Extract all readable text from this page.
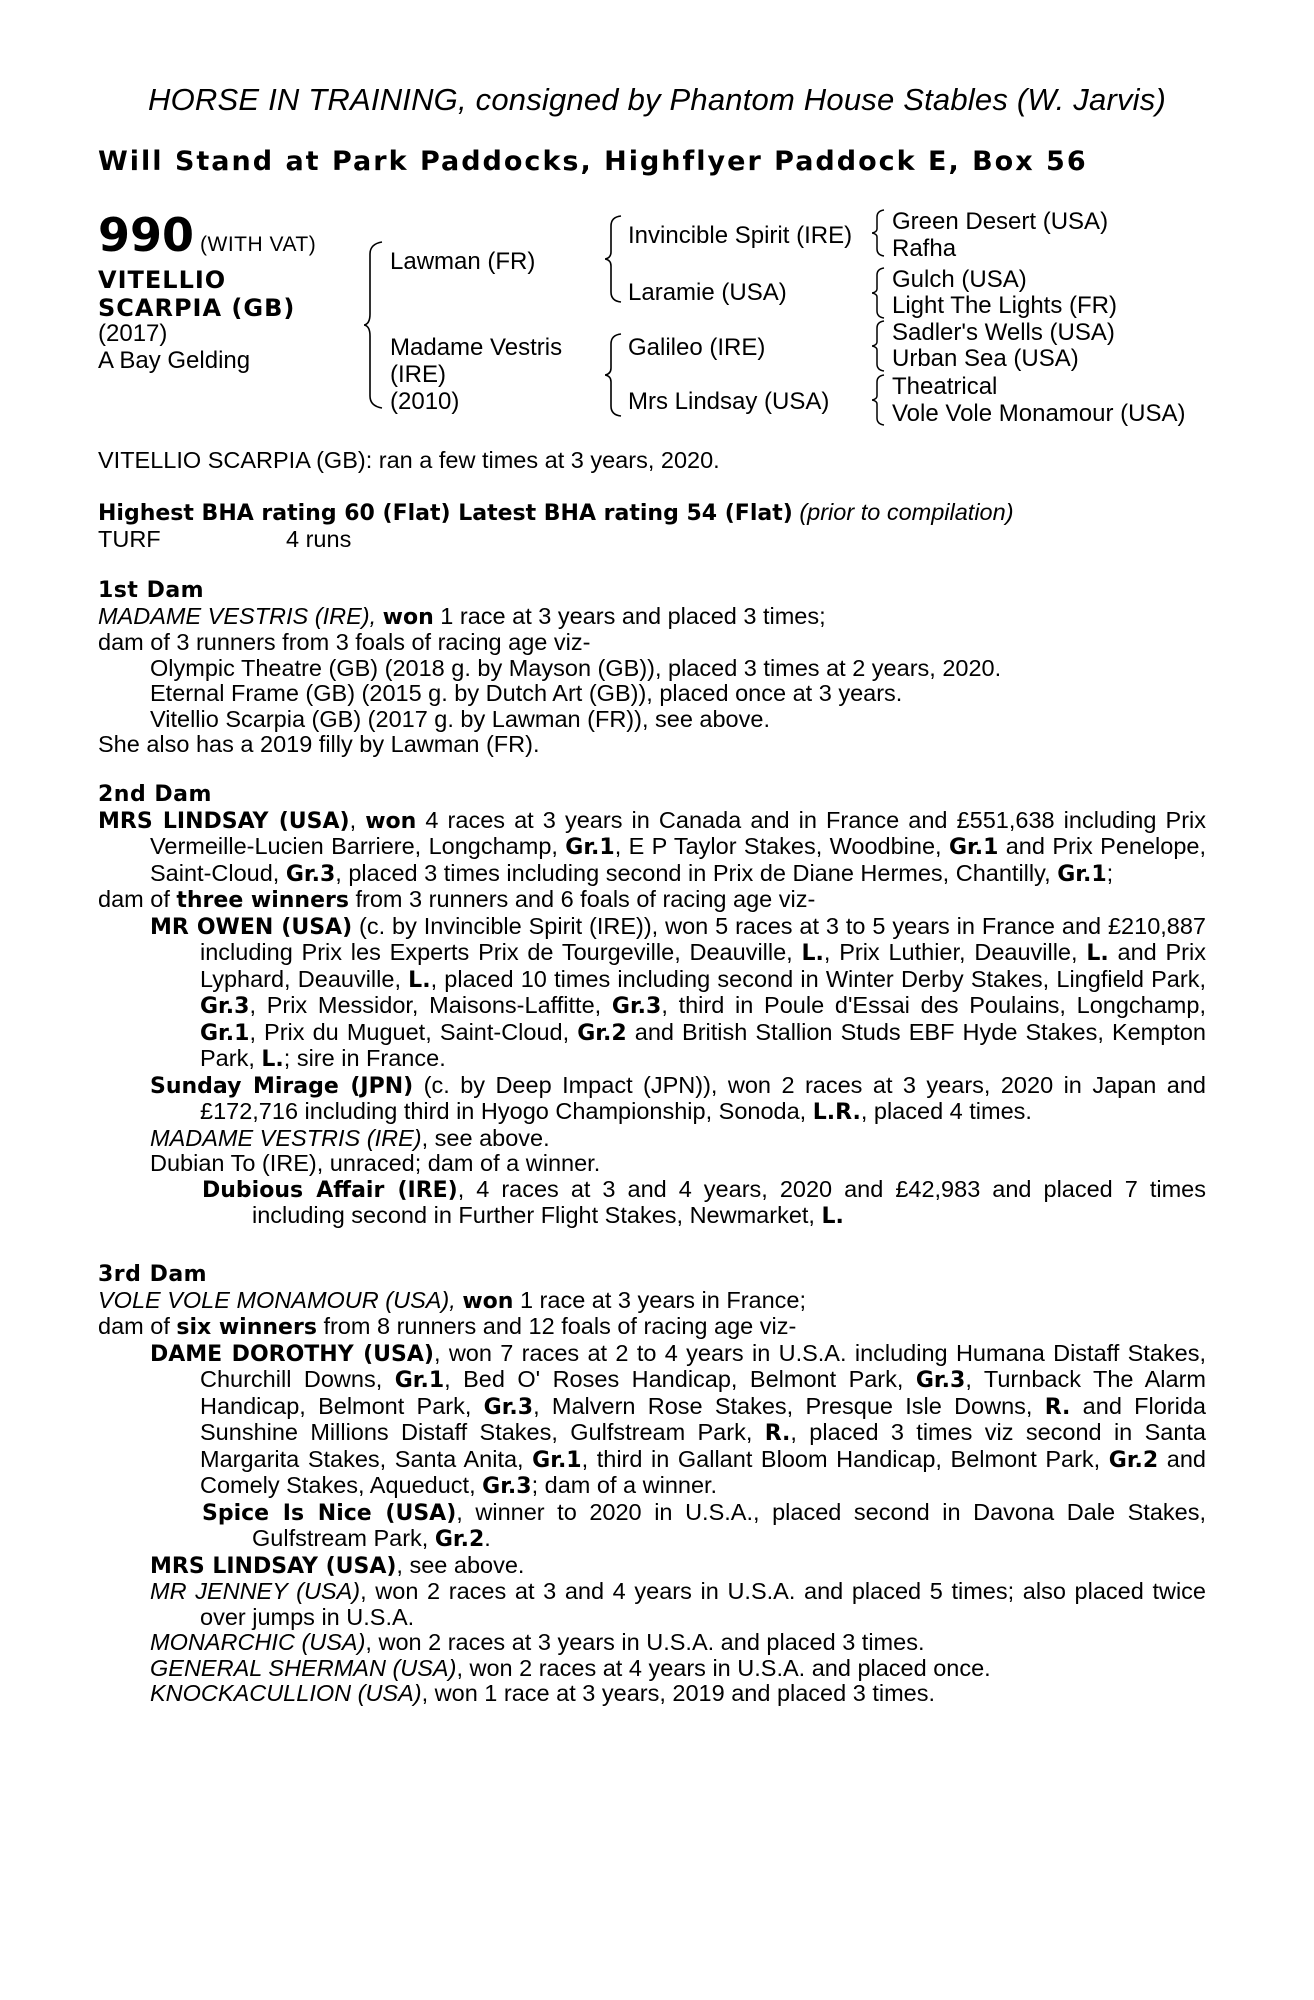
HORSE IN TRAINING, consigned by Phantom House Stables (W. Jarvis)
Will Stand at Park Paddocks, Highflyer Paddock E, Box 56
990 (WITH VAT)
VITELLIO
SCARPIA (GB)
(2017)
A Bay Gelding
Lawman (FR)
Madame Vestris
(IRE)
(2010)
Invincible Spirit (IRE)
Laramie (USA)
Galileo (IRE)
Mrs Lindsay (USA)
Green Desert (USA)
Rafha
Gulch (USA)
Light The Lights (FR)
Sadler's Wells (USA)
Urban Sea (USA)
Theatrical
Vole Vole Monamour (USA)
VITELLIO SCARPIA (GB): ran a few times at 3 years, 2020.
Highest BHA rating 60 (Flat) Latest BHA rating 54 (Flat) (prior to compilation)
TURF	4 runs
1st Dam
MADAME VESTRIS (IRE), won 1 race at 3 years and placed 3 times;
dam of 3 runners from 3 foals of racing age viz-
Olympic Theatre (GB) (2018 g. by Mayson (GB)), placed 3 times at 2 years, 2020.
Eternal Frame (GB) (2015 g. by Dutch Art (GB)), placed once at 3 years.
Vitellio Scarpia (GB) (2017 g. by Lawman (FR)), see above.
She also has a 2019 filly by Lawman (FR).
2nd Dam
MRS LINDSAY (USA), won 4 races at 3 years in Canada and in France and £551,638 including Prix Vermeille-Lucien Barriere, Longchamp, Gr.1, E P Taylor Stakes, Woodbine, Gr.1 and Prix Penelope, Saint-Cloud, Gr.3, placed 3 times including second in Prix de Diane Hermes, Chantilly, Gr.1;
dam of three winners from 3 runners and 6 foals of racing age viz-
MR OWEN (USA) (c. by Invincible Spirit (IRE)), won 5 races at 3 to 5 years in France and £210,887 including Prix les Experts Prix de Tourgeville, Deauville, L., Prix Luthier, Deauville, L. and Prix Lyphard, Deauville, L., placed 10 times including second in Winter Derby Stakes, Lingfield Park, Gr.3, Prix Messidor, Maisons-Laffitte, Gr.3, third in Poule d'Essai des Poulains, Longchamp, Gr.1, Prix du Muguet, Saint-Cloud, Gr.2 and British Stallion Studs EBF Hyde Stakes, Kempton Park, L.; sire in France.
Sunday Mirage (JPN) (c. by Deep Impact (JPN)), won 2 races at 3 years, 2020 in Japan and £172,716 including third in Hyogo Championship, Sonoda, L.R., placed 4 times.
MADAME VESTRIS (IRE), see above.
Dubian To (IRE), unraced; dam of a winner.
Dubious Affair (IRE), 4 races at 3 and 4 years, 2020 and £42,983 and placed 7 times including second in Further Flight Stakes, Newmarket, L.
3rd Dam
VOLE VOLE MONAMOUR (USA), won 1 race at 3 years in France;
dam of six winners from 8 runners and 12 foals of racing age viz-
DAME DOROTHY (USA), won 7 races at 2 to 4 years in U.S.A. including Humana Distaff Stakes, Churchill Downs, Gr.1, Bed O' Roses Handicap, Belmont Park, Gr.3, Turnback The Alarm Handicap, Belmont Park, Gr.3, Malvern Rose Stakes, Presque Isle Downs, R. and Florida Sunshine Millions Distaff Stakes, Gulfstream Park, R., placed 3 times viz second in Santa Margarita Stakes, Santa Anita, Gr.1, third in Gallant Bloom Handicap, Belmont Park, Gr.2 and Comely Stakes, Aqueduct, Gr.3; dam of a winner.
Spice Is Nice (USA), winner to 2020 in U.S.A., placed second in Davona Dale Stakes, Gulfstream Park, Gr.2.
MRS LINDSAY (USA), see above.
MR JENNEY (USA), won 2 races at 3 and 4 years in U.S.A. and placed 5 times; also placed twice over jumps in U.S.A.
MONARCHIC (USA), won 2 races at 3 years in U.S.A. and placed 3 times.
GENERAL SHERMAN (USA), won 2 races at 4 years in U.S.A. and placed once.
KNOCKACULLION (USA), won 1 race at 3 years, 2019 and placed 3 times.
